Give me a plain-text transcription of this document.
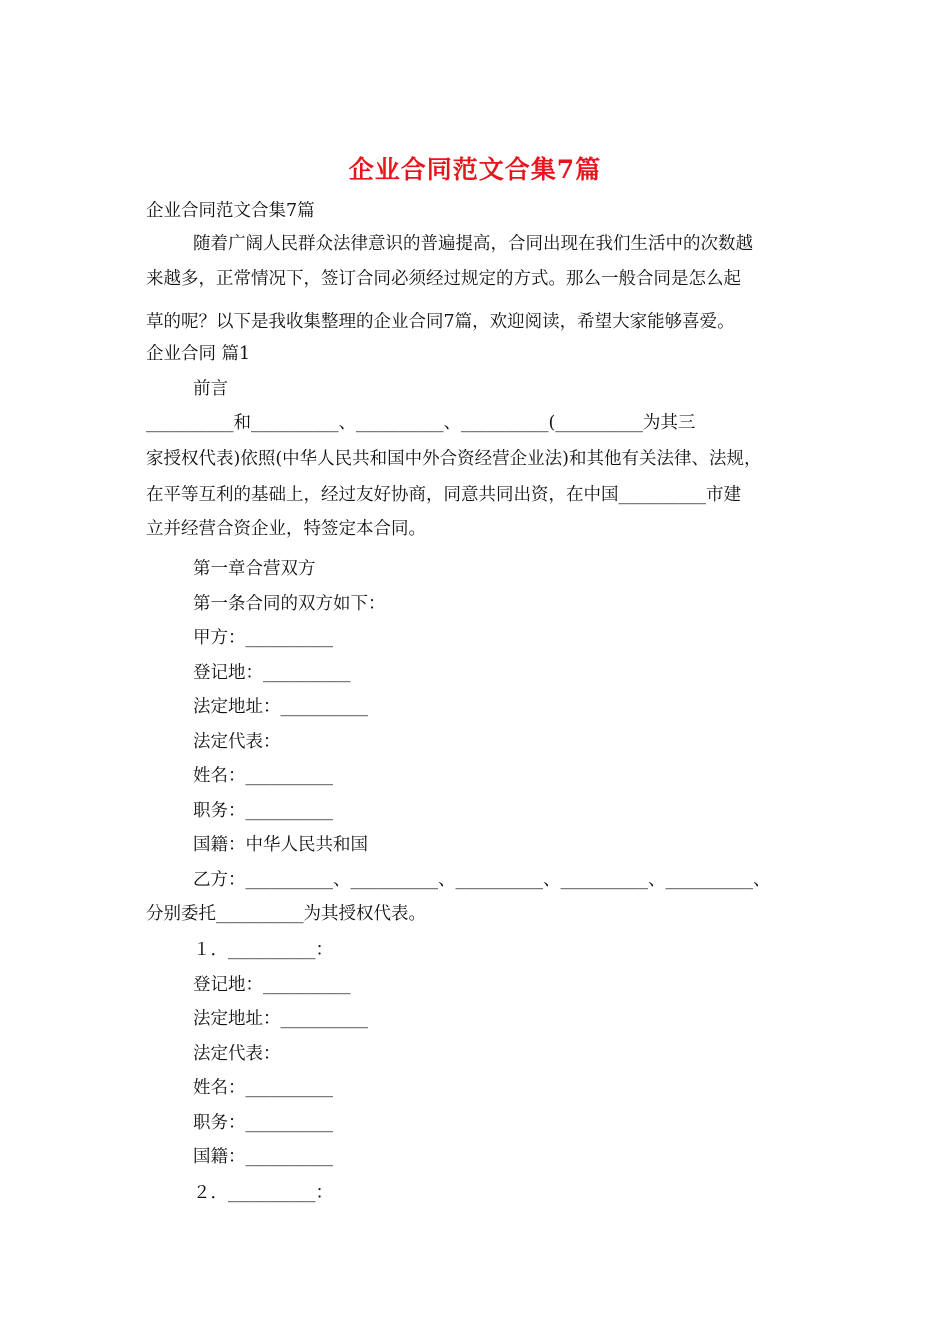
企业合同范文合集7篇
企业合同范文合集7篇
随着广阔人民群众法律意识的普遍提高，合同出现在我们生活中的次数越
来越多，正常情况下，签订合同必须经过规定的方式。那么一般合同是怎么起
草的呢？以下是我收集整理的企业合同7篇，欢迎阅读，希望大家能够喜爱。
企业合同 篇1
前言
__________和__________、__________、__________(__________为其三
家授权代表)依照(中华人民共和国中外合资经营企业法)和其他有关法律、法规，
在平等互利的基础上，经过友好协商，同意共同出资，在中国__________市建
立并经营合资企业，特签定本合同。
第一章合营双方
第一条合同的双方如下：
甲方：__________
登记地：__________
法定地址：__________
法定代表：
姓名：__________
职务：__________
国籍：中华人民共和国
乙方：__________、__________、__________、__________、__________、
分别委托__________为其授权代表。
１．__________：
登记地：__________
法定地址：__________
法定代表：
姓名：__________
职务：__________
国籍：__________
２．__________：
